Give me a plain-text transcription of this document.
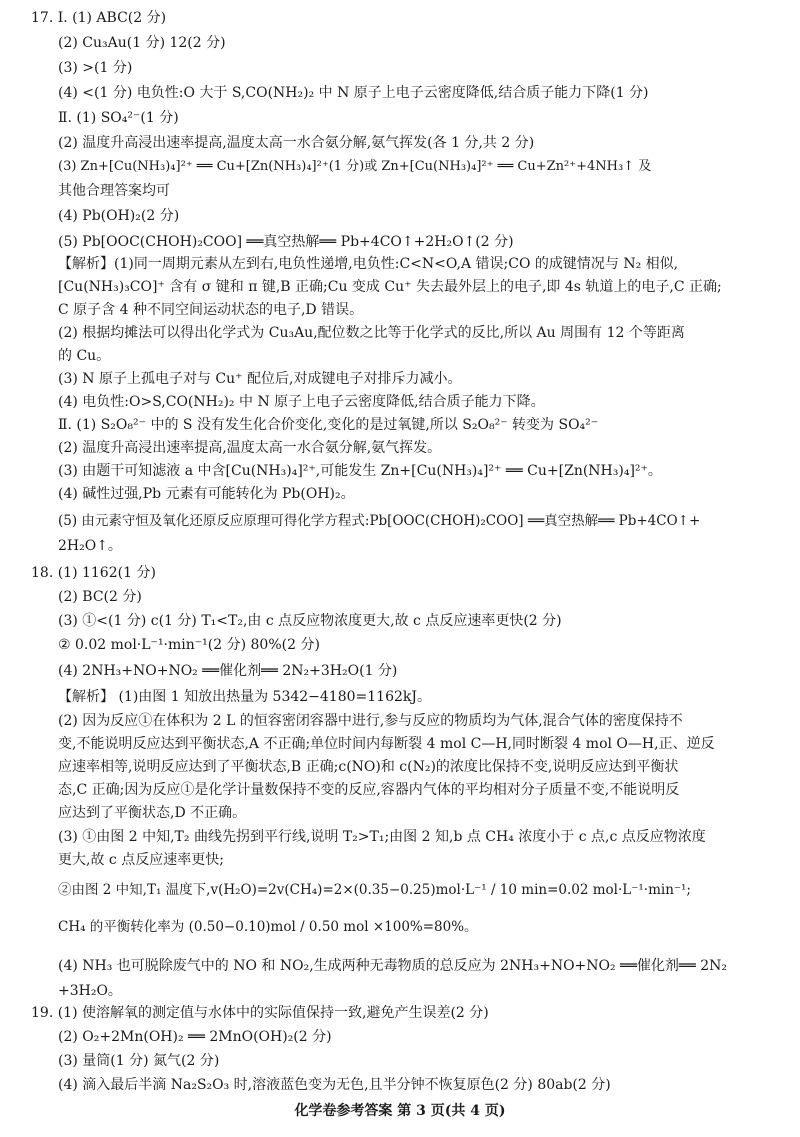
17. Ⅰ. (1) ABC(2 分)

(2) Cu₃Au(1 分) 12(2 分)

(3) >(1 分)

(4) <(1 分) 电负性:O 大于 S,CO(NH₂)₂ 中 N 原子上电子云密度降低,结合质子能力下降(1 分)

Ⅱ. (1) SO₄²⁻(1 分)

(2) 温度升高浸出速率提高,温度太高一水合氨分解,氨气挥发(各 1 分,共 2 分)

(3) Zn+[Cu(NH₃)₄]²⁺ ══ Cu+[Zn(NH₃)₄]²⁺(1 分)或 Zn+[Cu(NH₃)₄]²⁺ ══ Cu+Zn²⁺+4NH₃↑ 及

其他合理答案均可

(4) Pb(OH)₂(2 分)

(5) Pb[OOC(CHOH)₂COO] ══真空热解══ Pb+4CO↑+2H₂O↑(2 分)

【解析】(1)同一周期元素从左到右,电负性递增,电负性:C<N<O,A 错误;CO 的成键情况与 N₂ 相似,

[Cu(NH₃)₃CO]⁺ 含有 σ 键和 π 键,B 正确;Cu 变成 Cu⁺ 失去最外层上的电子,即 4s 轨道上的电子,C 正确;

C 原子含 4 种不同空间运动状态的电子,D 错误。

(2) 根据均摊法可以得出化学式为 Cu₃Au,配位数之比等于化学式的反比,所以 Au 周围有 12 个等距离

的 Cu。

(3) N 原子上孤电子对与 Cu⁺ 配位后,对成键电子对排斥力减小。

(4) 电负性:O>S,CO(NH₂)₂ 中 N 原子上电子云密度降低,结合质子能力下降。

Ⅱ. (1) S₂O₈²⁻ 中的 S 没有发生化合价变化,变化的是过氧键,所以 S₂O₈²⁻ 转变为 SO₄²⁻

(2) 温度升高浸出速率提高,温度太高一水合氨分解,氨气挥发。

(3) 由题干可知滤液 a 中含[Cu(NH₃)₄]²⁺,可能发生 Zn+[Cu(NH₃)₄]²⁺ ══ Cu+[Zn(NH₃)₄]²⁺。

(4) 碱性过强,Pb 元素有可能转化为 Pb(OH)₂。

(5) 由元素守恒及氧化还原反应原理可得化学方程式:Pb[OOC(CHOH)₂COO] ══真空热解══ Pb+4CO↑+

2H₂O↑。

18. (1) 1162(1 分)

(2) BC(2 分)

(3) ①<(1 分) c(1 分) T₁<T₂,由 c 点反应物浓度更大,故 c 点反应速率更快(2 分)

② 0.02 mol·L⁻¹·min⁻¹(2 分) 80%(2 分)

(4) 2NH₃+NO+NO₂ ══催化剂══ 2N₂+3H₂O(1 分)

【解析】 (1)由图 1 知放出热量为 5342−4180=1162kJ。

(2) 因为反应①在体积为 2 L 的恒容密闭容器中进行,参与反应的物质均为气体,混合气体的密度保持不

变,不能说明反应达到平衡状态,A 不正确;单位时间内每断裂 4 mol C—H,同时断裂 4 mol O—H,正、逆反

应速率相等,说明反应达到了平衡状态,B 正确;c(NO)和 c(N₂)的浓度比保持不变,说明反应达到平衡状

态,C 正确;因为反应①是化学计量数保持不变的反应,容器内气体的平均相对分子质量不变,不能说明反

应达到了平衡状态,D 不正确。

(3) ①由图 2 中知,T₂ 曲线先拐到平行线,说明 T₂>T₁;由图 2 知,b 点 CH₄ 浓度小于 c 点,c 点反应物浓度

更大,故 c 点反应速率更快;

②由图 2 中知,T₁ 温度下,v(H₂O)=2v(CH₄)=2×(0.35−0.25)mol·L⁻¹ / 10 min=0.02 mol·L⁻¹·min⁻¹;

CH₄ 的平衡转化率为 (0.50−0.10)mol / 0.50 mol ×100%=80%。

(4) NH₃ 也可脱除废气中的 NO 和 NO₂,生成两种无毒物质的总反应为 2NH₃+NO+NO₂ ══催化剂══ 2N₂

+3H₂O。

19. (1) 使溶解氧的测定值与水体中的实际值保持一致,避免产生误差(2 分)

(2) O₂+2Mn(OH)₂ ══ 2MnO(OH)₂(2 分)

(3) 量筒(1 分) 氮气(2 分)

(4) 滴入最后半滴 Na₂S₂O₃ 时,溶液蓝色变为无色,且半分钟不恢复原色(2 分) 80ab(2 分)

化学卷参考答案 第 3 页(共 4 页)
